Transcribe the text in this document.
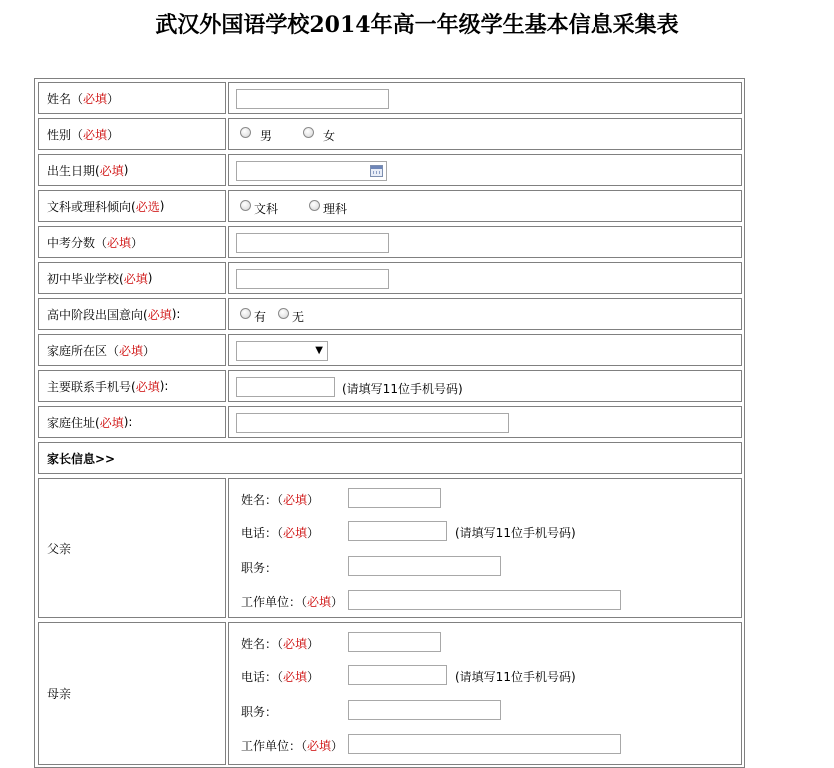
武汉外国语学校2014年高一年级学生基本信息采集表
姓名（ 必填 ）
性别（ 必填 ）	男	女
出生日期( 必填 )
文科或理科倾向( 必选 )	文科	理科
中考分数（ 必填 ）
初中毕业学校( 必填 )
高中阶段出国意向( 必填 ):	有 无
家庭所在区（ 必填 ）	▼
主要联系手机号( 必填 ):	(请填写11位手机号码)
家庭住址( 必填 ):
家长信息>>
父亲
姓名：（必填）
电话：（必填）	(请填写11位手机号码)
职务：
工作单位：（必填）
母亲
姓名：（必填）
电话：（必填）	(请填写11位手机号码)
职务：
工作单位：（必填）
